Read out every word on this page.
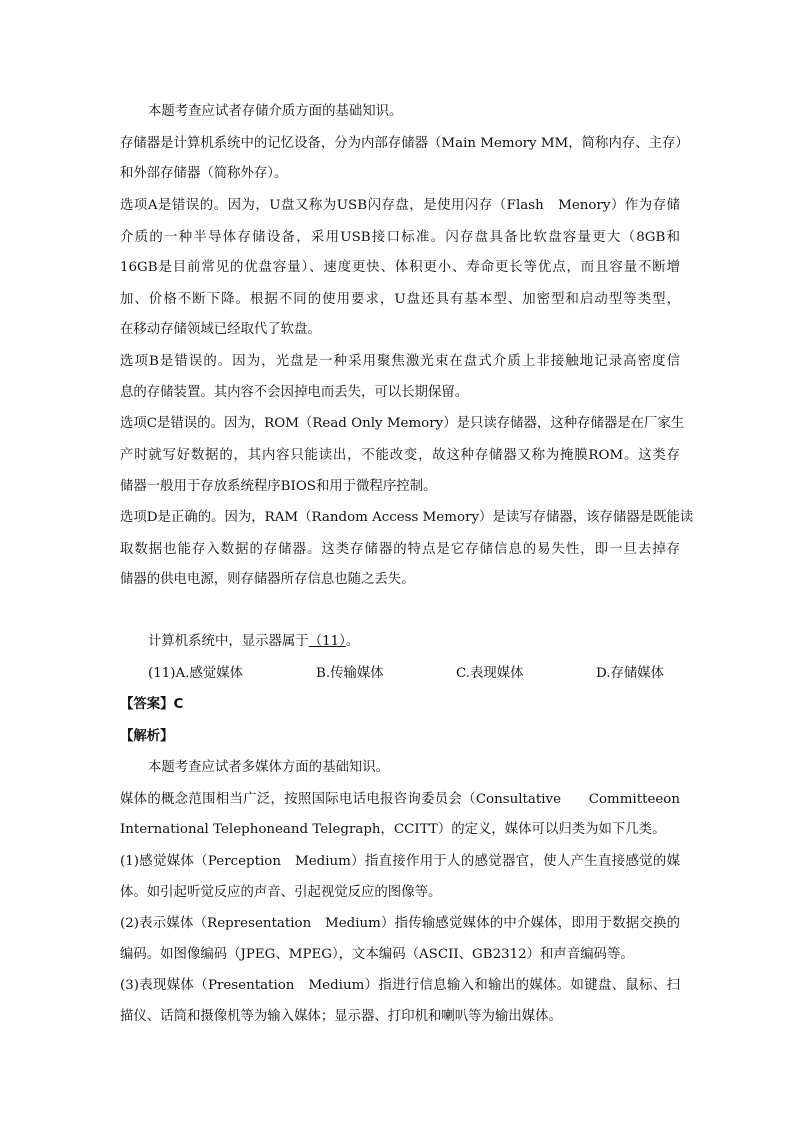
本题考查应试者存储介质方面的基础知识。
存储器是计算机系统中的记忆设备，分为内部存储器（Main Memory MM，简称内存、主存）
和外部存储器（简称外存）。
选项A是错误的。因为，U盘又称为USB闪存盘，是使用闪存（Flash　Menory）作为存储
介质的一种半导体存储设备，采用USB接口标准。闪存盘具备比软盘容量更大（8GB和
16GB是目前常见的优盘容量）、速度更快、体积更小、寿命更长等优点，而且容量不断增
加、价格不断下降。根据不同的使用要求，U盘还具有基本型、加密型和启动型等类型，
在移动存储领域已经取代了软盘。
选项B是错误的。因为，光盘是一种采用聚焦激光束在盘式介质上非接触地记录高密度信
息的存储装置。其内容不会因掉电而丢失，可以长期保留。
选项C是错误的。因为，ROM（Read Only Memory）是只读存储器，这种存储器是在厂家生
产时就写好数据的，其内容只能读出，不能改变，故这种存储器又称为掩膜ROM。这类存
储器一般用于存放系统程序BIOS和用于微程序控制。
选项D是正确的。因为，RAM（Random Access Memory）是读写存储器，该存储器是既能读
取数据也能存入数据的存储器。这类存储器的特点是它存储信息的易失性，即一旦去掉存
储器的供电电源，则存储器所存信息也随之丢失。
计算机系统中，显示器属于（11）。
(11)A.感觉媒体	B.传输媒体	C.表现媒体	D.存储媒体
【答案】C
【解析】
本题考查应试者多媒体方面的基础知识。
媒体的概念范围相当广泛，按照国际电话电报咨询委员会（Consultative　　Committeeon
International Telephoneand Telegraph，CCITT）的定义，媒体可以归类为如下几类。
(1)感觉媒体（Perception　Medium）指直接作用于人的感觉器官，使人产生直接感觉的媒
体。如引起听觉反应的声音、引起视觉反应的图像等。
(2)表示媒体（Representation　Medium）指传输感觉媒体的中介媒体，即用于数据交换的
编码。如图像编码（JPEG、MPEG），文本编码（ASCII、GB2312）和声音编码等。
(3)表现媒体（Presentation　Medium）指进行信息输入和输出的媒体。如键盘、鼠标、扫
描仪、话筒和摄像机等为输入媒体；显示器、打印机和喇叭等为输出媒体。
